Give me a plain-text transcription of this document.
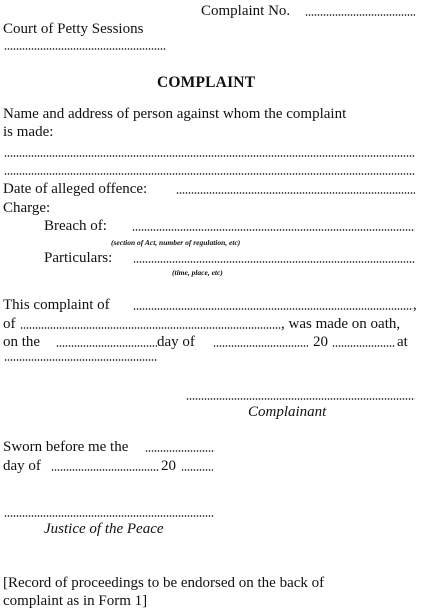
Complaint No.
Court of Petty Sessions
COMPLAINT
Name and address of person against whom the complaint
is made:
Date of alleged offence:
Charge:
Breach of:
(section of Act, number of regulation, etc)
Particulars:
(time, place, etc)
This complaint of	,
of	, was made on oath,
on the	day of	20	at
Complainant
Sworn before me the
day of	20
Justice of the Peace
[Record of proceedings to be endorsed on the back of
complaint as in Form 1]
